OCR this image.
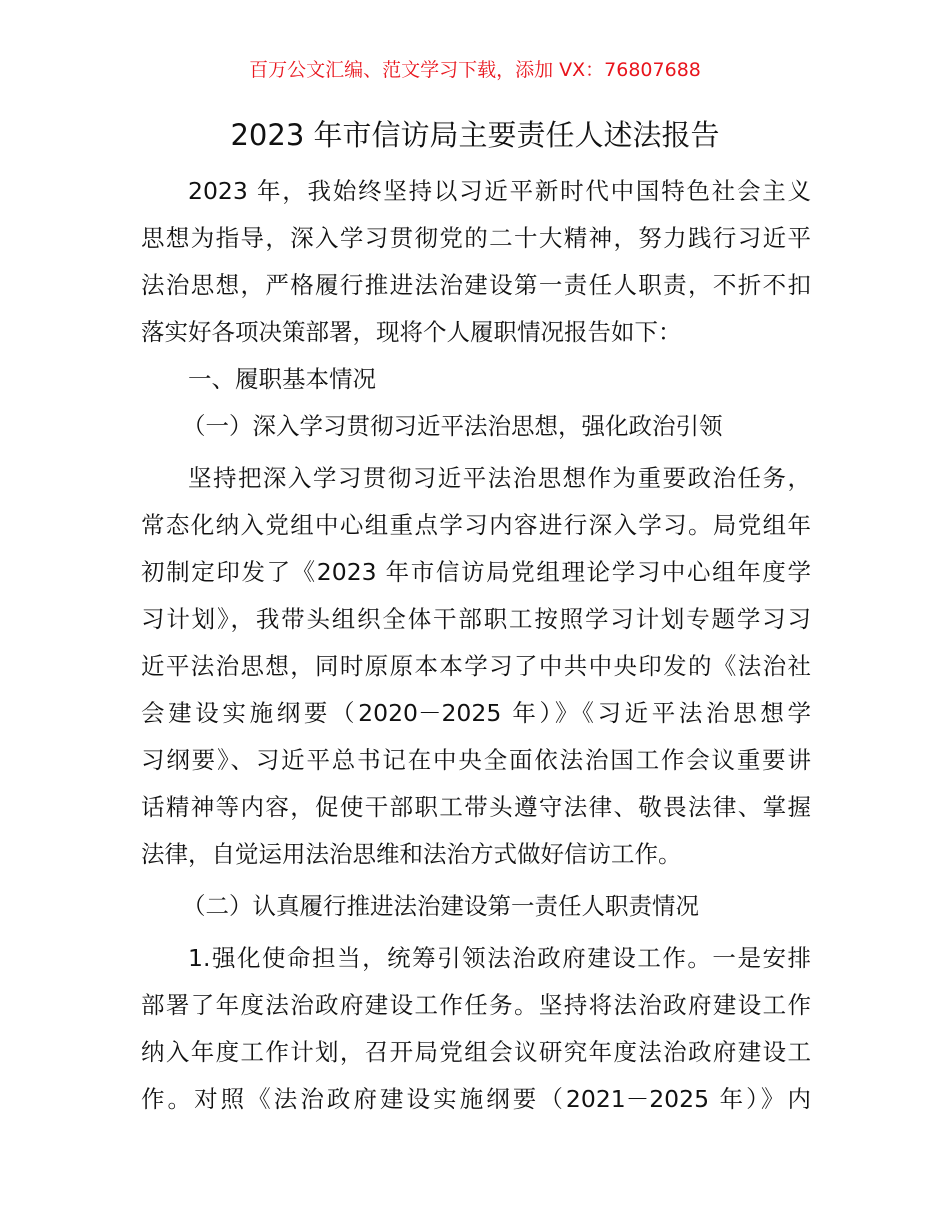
百万公文汇编、范文学习下载，添加 VX：76807688
2023 年市信访局主要责任人述法报告
2023 年，我始终坚持以习近平新时代中国特色社会主义
思想为指导，深入学习贯彻党的二十大精神，努力践行习近平
法治思想，严格履行推进法治建设第一责任人职责，不折不扣
落实好各项决策部署，现将个人履职情况报告如下：
一、履职基本情况
（一）深入学习贯彻习近平法治思想，强化政治引领
坚持把深入学习贯彻习近平法治思想作为重要政治任务，
常态化纳入党组中心组重点学习内容进行深入学习。局党组年
初制定印发了《2023 年市信访局党组理论学习中心组年度学
习计划》，我带头组织全体干部职工按照学习计划专题学习习
近平法治思想，同时原原本本学习了中共中央印发的《法治社
会建设实施纲要（2020－2025 年）》《习近平法治思想学
习纲要》、习近平总书记在中央全面依法治国工作会议重要讲
话精神等内容，促使干部职工带头遵守法律、敬畏法律、掌握
法律，自觉运用法治思维和法治方式做好信访工作。
（二）认真履行推进法治建设第一责任人职责情况
1.强化使命担当，统筹引领法治政府建设工作。一是安排
部署了年度法治政府建设工作任务。坚持将法治政府建设工作
纳入年度工作计划，召开局党组会议研究年度法治政府建设工
作。对照《法治政府建设实施纲要（2021－2025 年）》内
